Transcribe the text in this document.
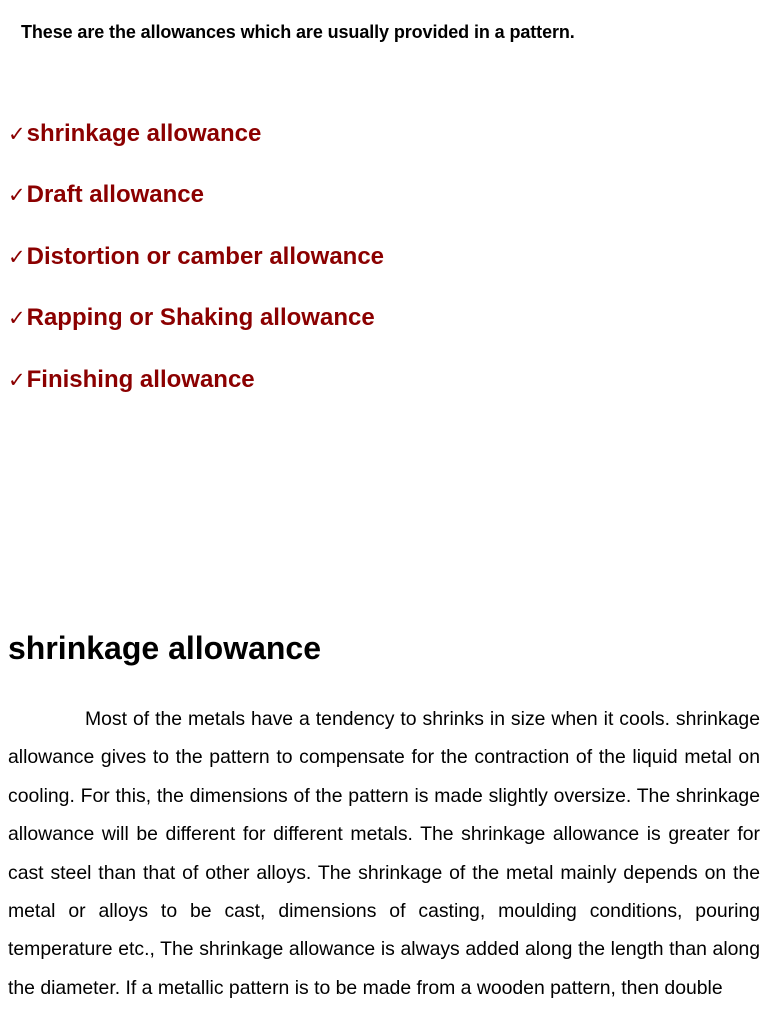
These are the allowances which are usually provided in a pattern.
✓shrinkage allowance
✓Draft allowance
✓Distortion or camber allowance
✓Rapping or Shaking allowance
✓Finishing allowance
shrinkage allowance

Most of the metals have a tendency to shrinks in size when it cools. shrinkage allowance gives to the pattern to compensate for the contraction of the liquid metal on cooling. For this, the dimensions of the pattern is made slightly oversize. The shrinkage allowance will be different for different metals. The shrinkage allowance is greater for cast steel than that of other alloys. The shrinkage of the metal mainly depends on the metal or alloys to be cast, dimensions of casting, moulding conditions, pouring temperature etc., The shrinkage allowance is always added along the length than along the diameter. If a metallic pattern is to be made from a wooden pattern, then double
